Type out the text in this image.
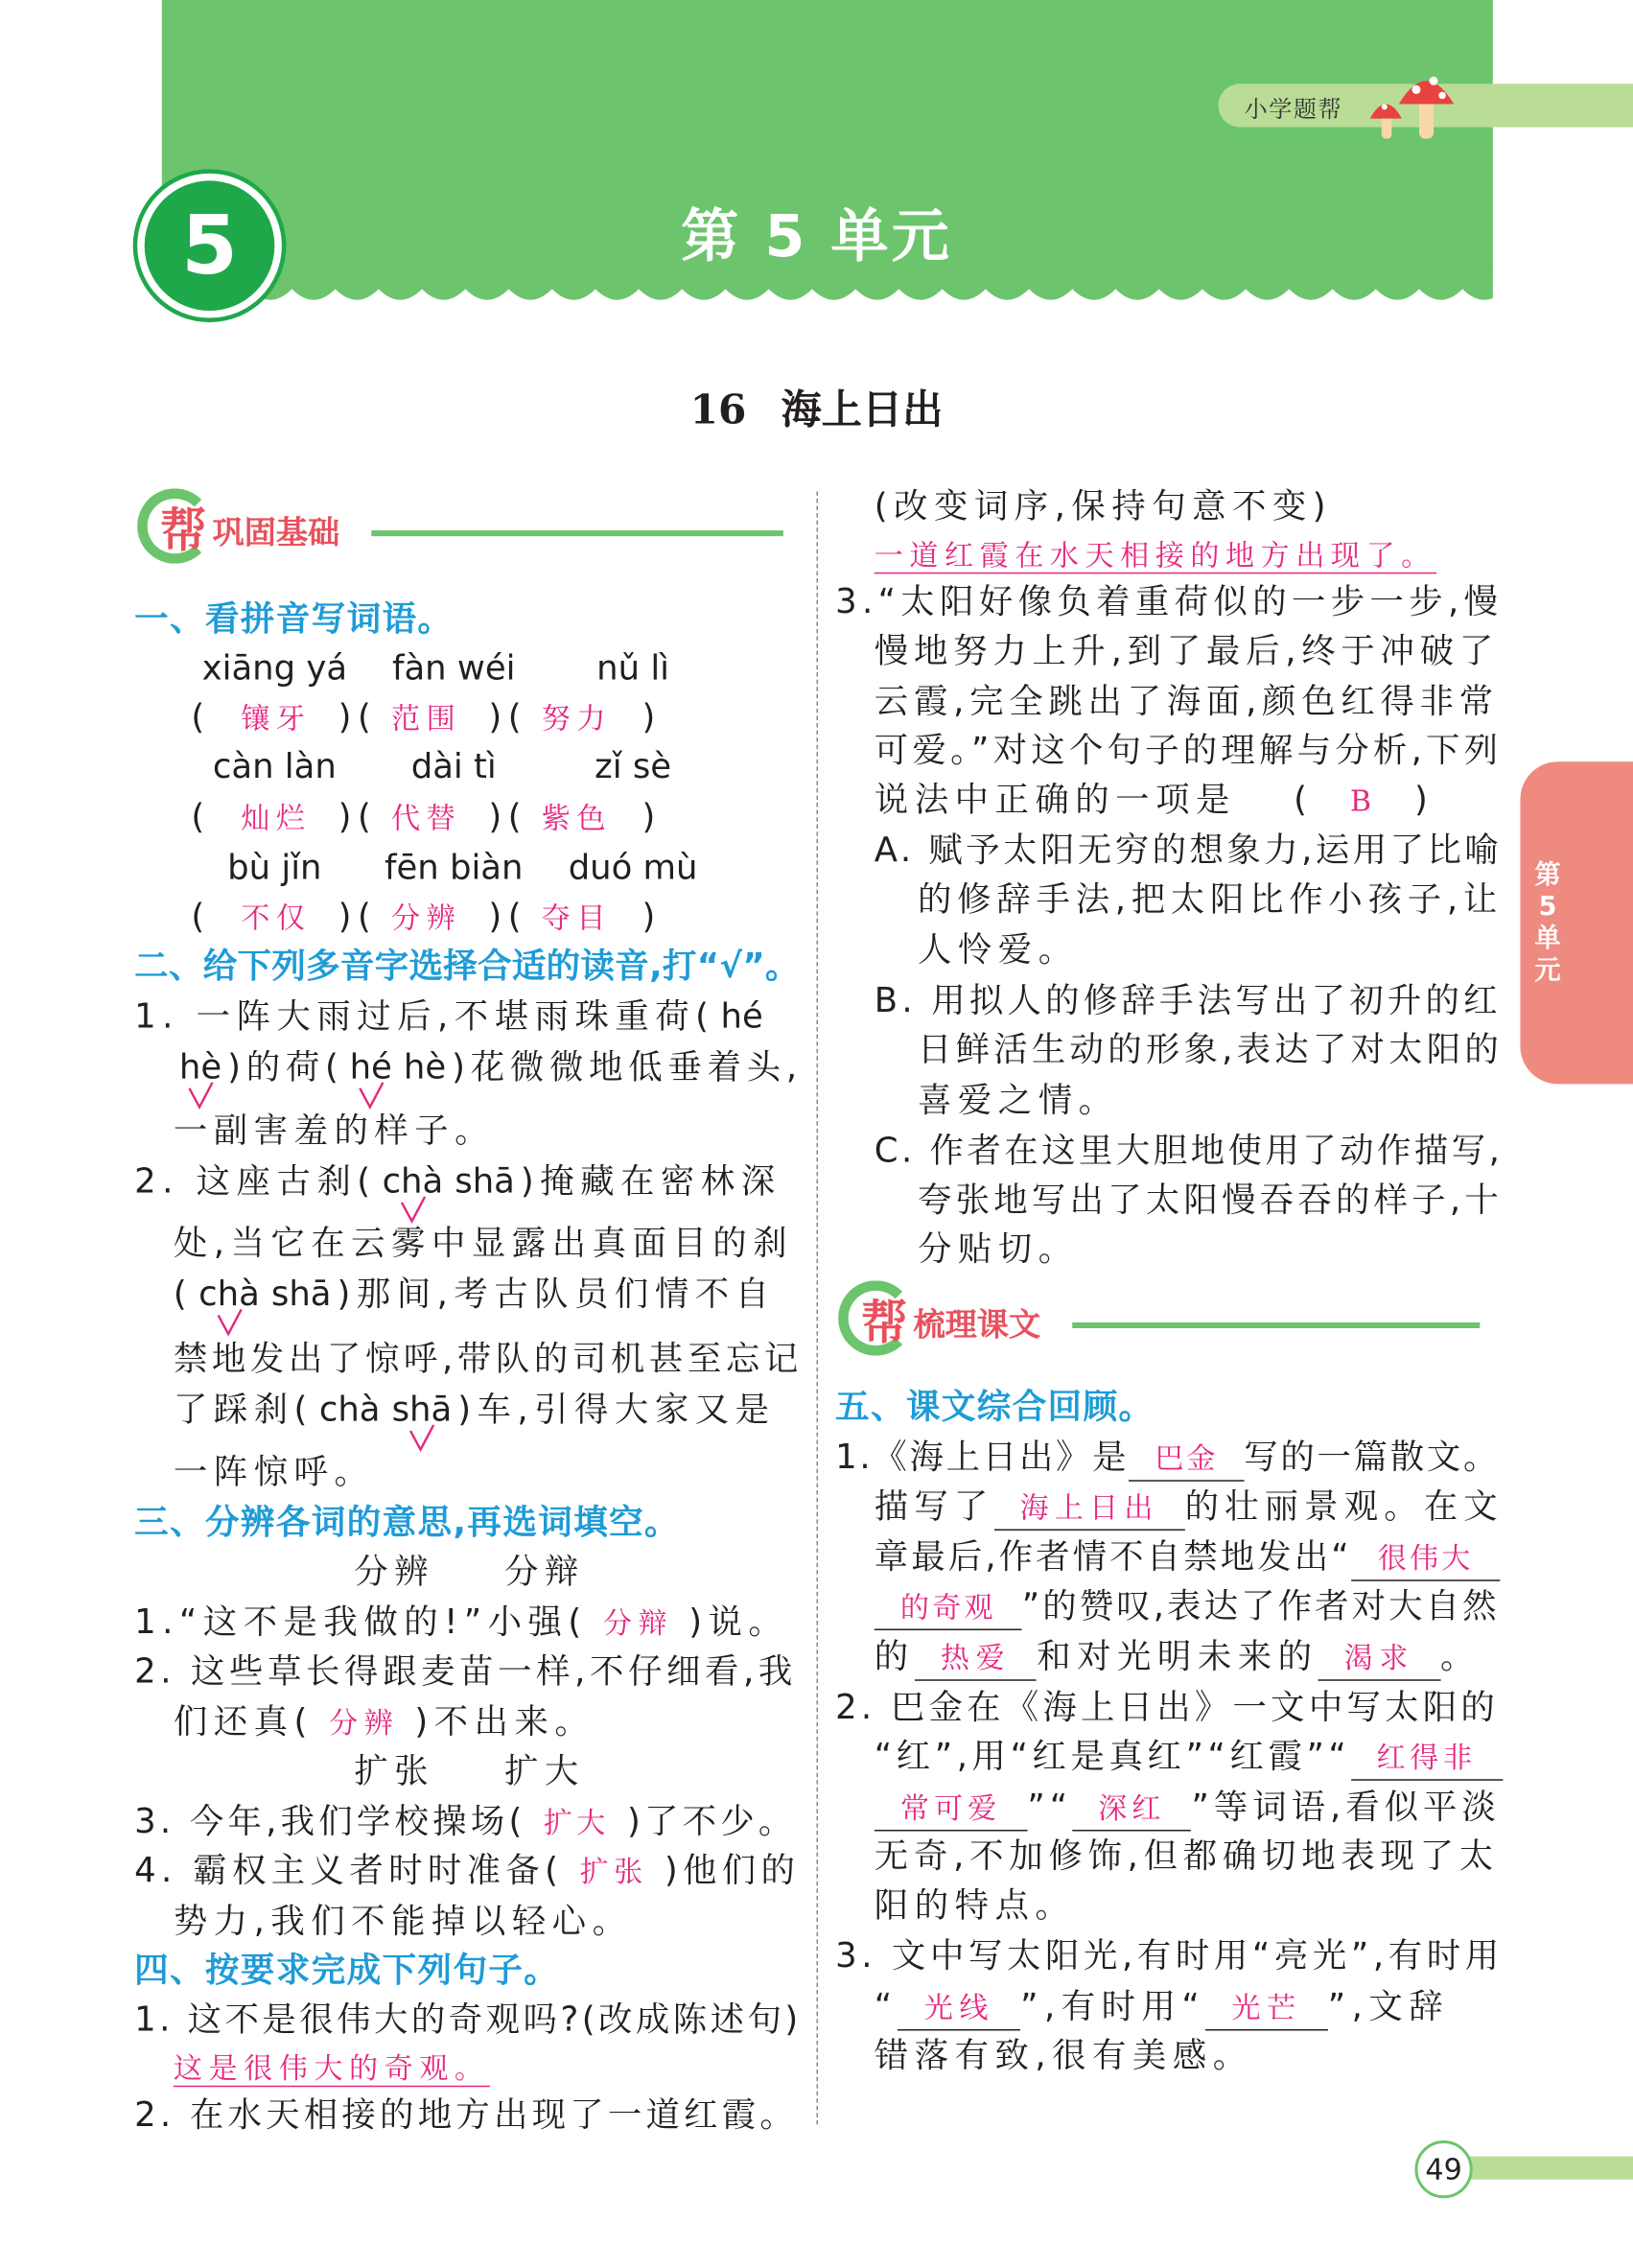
5	第 5 单元
小学题帮
16 海上日出
帮 巩固基础
帮 梳理课文
一、看拼音写词语。
xiāng yá fàn wéi	nǔ lì
( 镶牙 )( 范围 )( 努力 )
càn làn	dài tì	zǐ sè
( 灿烂 )( 代替 )( 紫色 )
bù jǐn	fēn biàn duó mù
( 不仅 )( 分辨 )( 夺目 )
二、给下列多音字选择合适的读音,打“√”。
1. 一阵大雨过后,不堪雨珠重荷( hé
hè )的荷( hé hè )花微微地低垂着头,
一副害羞的样子。
2. 这座古刹( chà shā )掩藏在密林深
处,当它在云雾中显露出真面目的刹
( chà shā )那间,考古队员们情不自
禁地发出了惊呼,带队的司机甚至忘记
了踩刹( chà shā )车,引得大家又是
一阵惊呼。
三、分辨各词的意思,再选词填空。
分辨	分辩
1.“这不是我做的!”小强( 分辩 )说。
2. 这些草长得跟麦苗一样,不仔细看,我
们还真( 分辨 )不出来。
扩张	扩大
3. 今年,我们学校操场( 扩大 )了不少。
4. 霸权主义者时时准备( 扩张 )他们的
势力,我们不能掉以轻心。
四、按要求完成下列句子。
1. 这不是很伟大的奇观吗?(改成陈述句)
这是很伟大的奇观。
2. 在水天相接的地方出现了一道红霞。
(改变词序,保持句意不变)
一道红霞在水天相接的地方出现了。
3.“太阳好像负着重荷似的一步一步,慢
慢地努力上升,到了最后,终于冲破了
云霞,完全跳出了海面,颜色红得非常
可爱。”对这个句子的理解与分析,下列
说法中正确的一项是	( B )
A. 赋予太阳无穷的想象力,运用了比喻
的修辞手法,把太阳比作小孩子,让
人怜爱。
B. 用拟人的修辞手法写出了初升的红
日鲜活生动的形象,表达了对太阳的
喜爱之情。
C. 作者在这里大胆地使用了动作描写,
夸张地写出了太阳慢吞吞的样子,十
分贴切。
五、课文综合回顾。
1.《海上日出》是 巴金 写的一篇散文。
描写了 海上日出 的壮丽景观。在文
章最后,作者情不自禁地发出“ 很伟大
的奇观 ”的赞叹,表达了作者对大自然
的 热爱 和对光明未来的 渴求 。
2. 巴金在《海上日出》一文中写太阳的
“红”,用“红是真红”“红霞”“ 红得非
常可爱 ”“ 深红 ”等词语,看似平淡
无奇,不加修饰,但都确切地表现了太
阳的特点。
3. 文中写太阳光,有时用“亮光”,有时用
“ 光线 ”,有时用“ 光芒 ”,文辞
错落有致,很有美感。
第5单元
49
